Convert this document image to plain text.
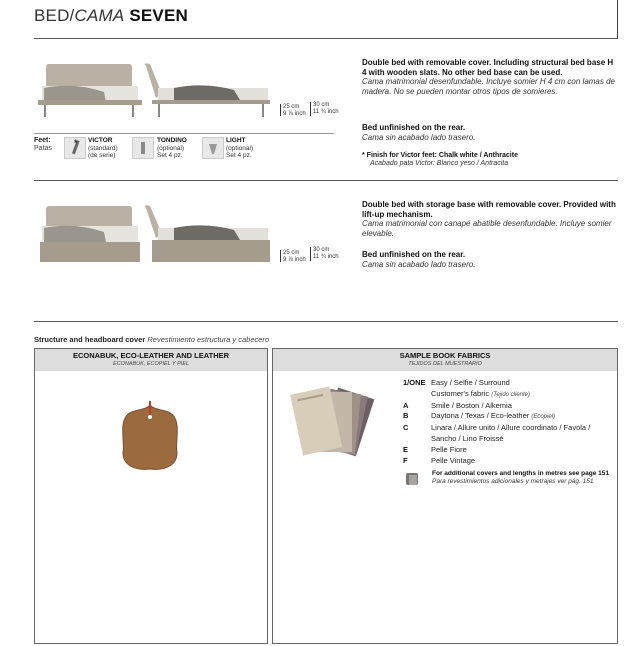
BED/CAMA SEVEN
25 cm
9 ⅞ inch
30 cm
11 ¾ inch
Double bed with removable cover. Including structural bed base H 4 with wooden slats. No other bed base can be used.
Cama matrimonial desenfundable. Incluye somier H 4 cm con lamas de madera. No se pueden montar otros tipos de somieres.
Bed unfinished on the rear.
Cama sin acabado lado trasero.
* Finish for Victor feet: Chalk white / Anthracite
Acabado pata Victor: Blanco yeso / Antracita
Feet:
Patas
* VICTOR
(standard)
(de serie)
TONDINO
(optional)
Set 4 pz.
LIGHT
(optional)
Set 4 pz.
25 cm
9 ⅞ inch
30 cm
11 ¾ inch
Double bed with storage base with removable cover. Provided with lift-up mechanism.
Cama matrimonial con canapé abatible desenfundable. Incluye somier elevable.
Bed unfinished on the rear.
Cama sin acabado lado trasero.
Structure and headboard cover Revestimiento estructura y cabecero
ECONABUK, ECO-LEATHER AND LEATHER
ECONABUK, ECOPIEL Y PIEL
SAMPLE BOOK FABRICS
TEJIDOS DEL MUESTRARIO
1/ONE Easy / Selfie / Surround
Customer's fabric (Tejido cliente)
A	Smile / Boston / Alkemia
B	Daytona / Texas / Eco-leather (Ecopiel)
C	Linara / Allure unito / Allure coordinato / Favola /
Sancho / Lino Froissé
E	Pelle Fiore
F	Pelle Vintage
For additional covers and lengths in metres see page 151
Para revestimientos adicionales y metrajes ver pág. 151
